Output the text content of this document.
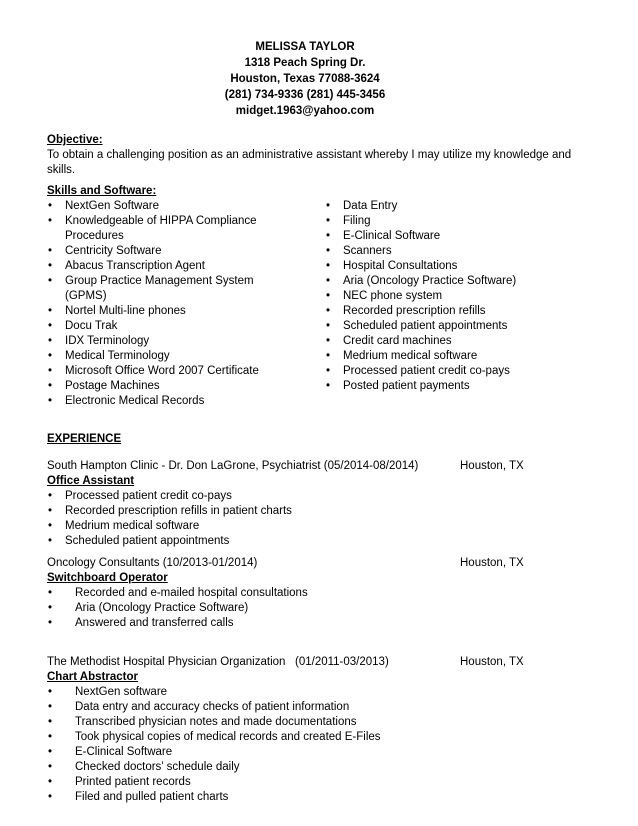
MELISSA TAYLOR
1318 Peach Spring Dr.
Houston, Texas 77088-3624
(281) 734-9336 (281) 445-3456
midget.1963@yahoo.com
Objective:
To obtain a challenging position as an administrative assistant whereby I may utilize my knowledge and skills.
Skills and Software:
• NextGen Software
• Knowledgeable of HIPPA Compliance Procedures
• Centricity Software
• Abacus Transcription Agent
• Group Practice Management System (GPMS)
• Nortel Multi-line phones
• Docu Trak
• IDX Terminology
• Medical Terminology
• Microsoft Office Word 2007 Certificate
• Postage Machines
• Electronic Medical Records
• Data Entry
• Filing
• E-Clinical Software
• Scanners
• Hospital Consultations
• Aria (Oncology Practice Software)
• NEC phone system
• Recorded prescription refills
• Scheduled patient appointments
• Credit card machines
• Medrium medical software
• Processed patient credit co-pays
• Posted patient payments
EXPERIENCE
South Hampton Clinic - Dr. Don LaGrone, Psychiatrist (05/2014-08/2014)	Houston, TX
Office Assistant
• Processed patient credit co-pays
• Recorded prescription refills in patient charts
• Medrium medical software
• Scheduled patient appointments
Oncology Consultants (10/2013-01/2014)	Houston, TX
Switchboard Operator
• Recorded and e-mailed hospital consultations
• Aria (Oncology Practice Software)
• Answered and transferred calls
The Methodist Hospital Physician Organization   (01/2011-03/2013)	Houston, TX
Chart Abstractor
• NextGen software
• Data entry and accuracy checks of patient information
• Transcribed physician notes and made documentations
• Took physical copies of medical records and created E-Files
• E-Clinical Software
• Checked doctors’ schedule daily
• Printed patient records
• Filed and pulled patient charts
